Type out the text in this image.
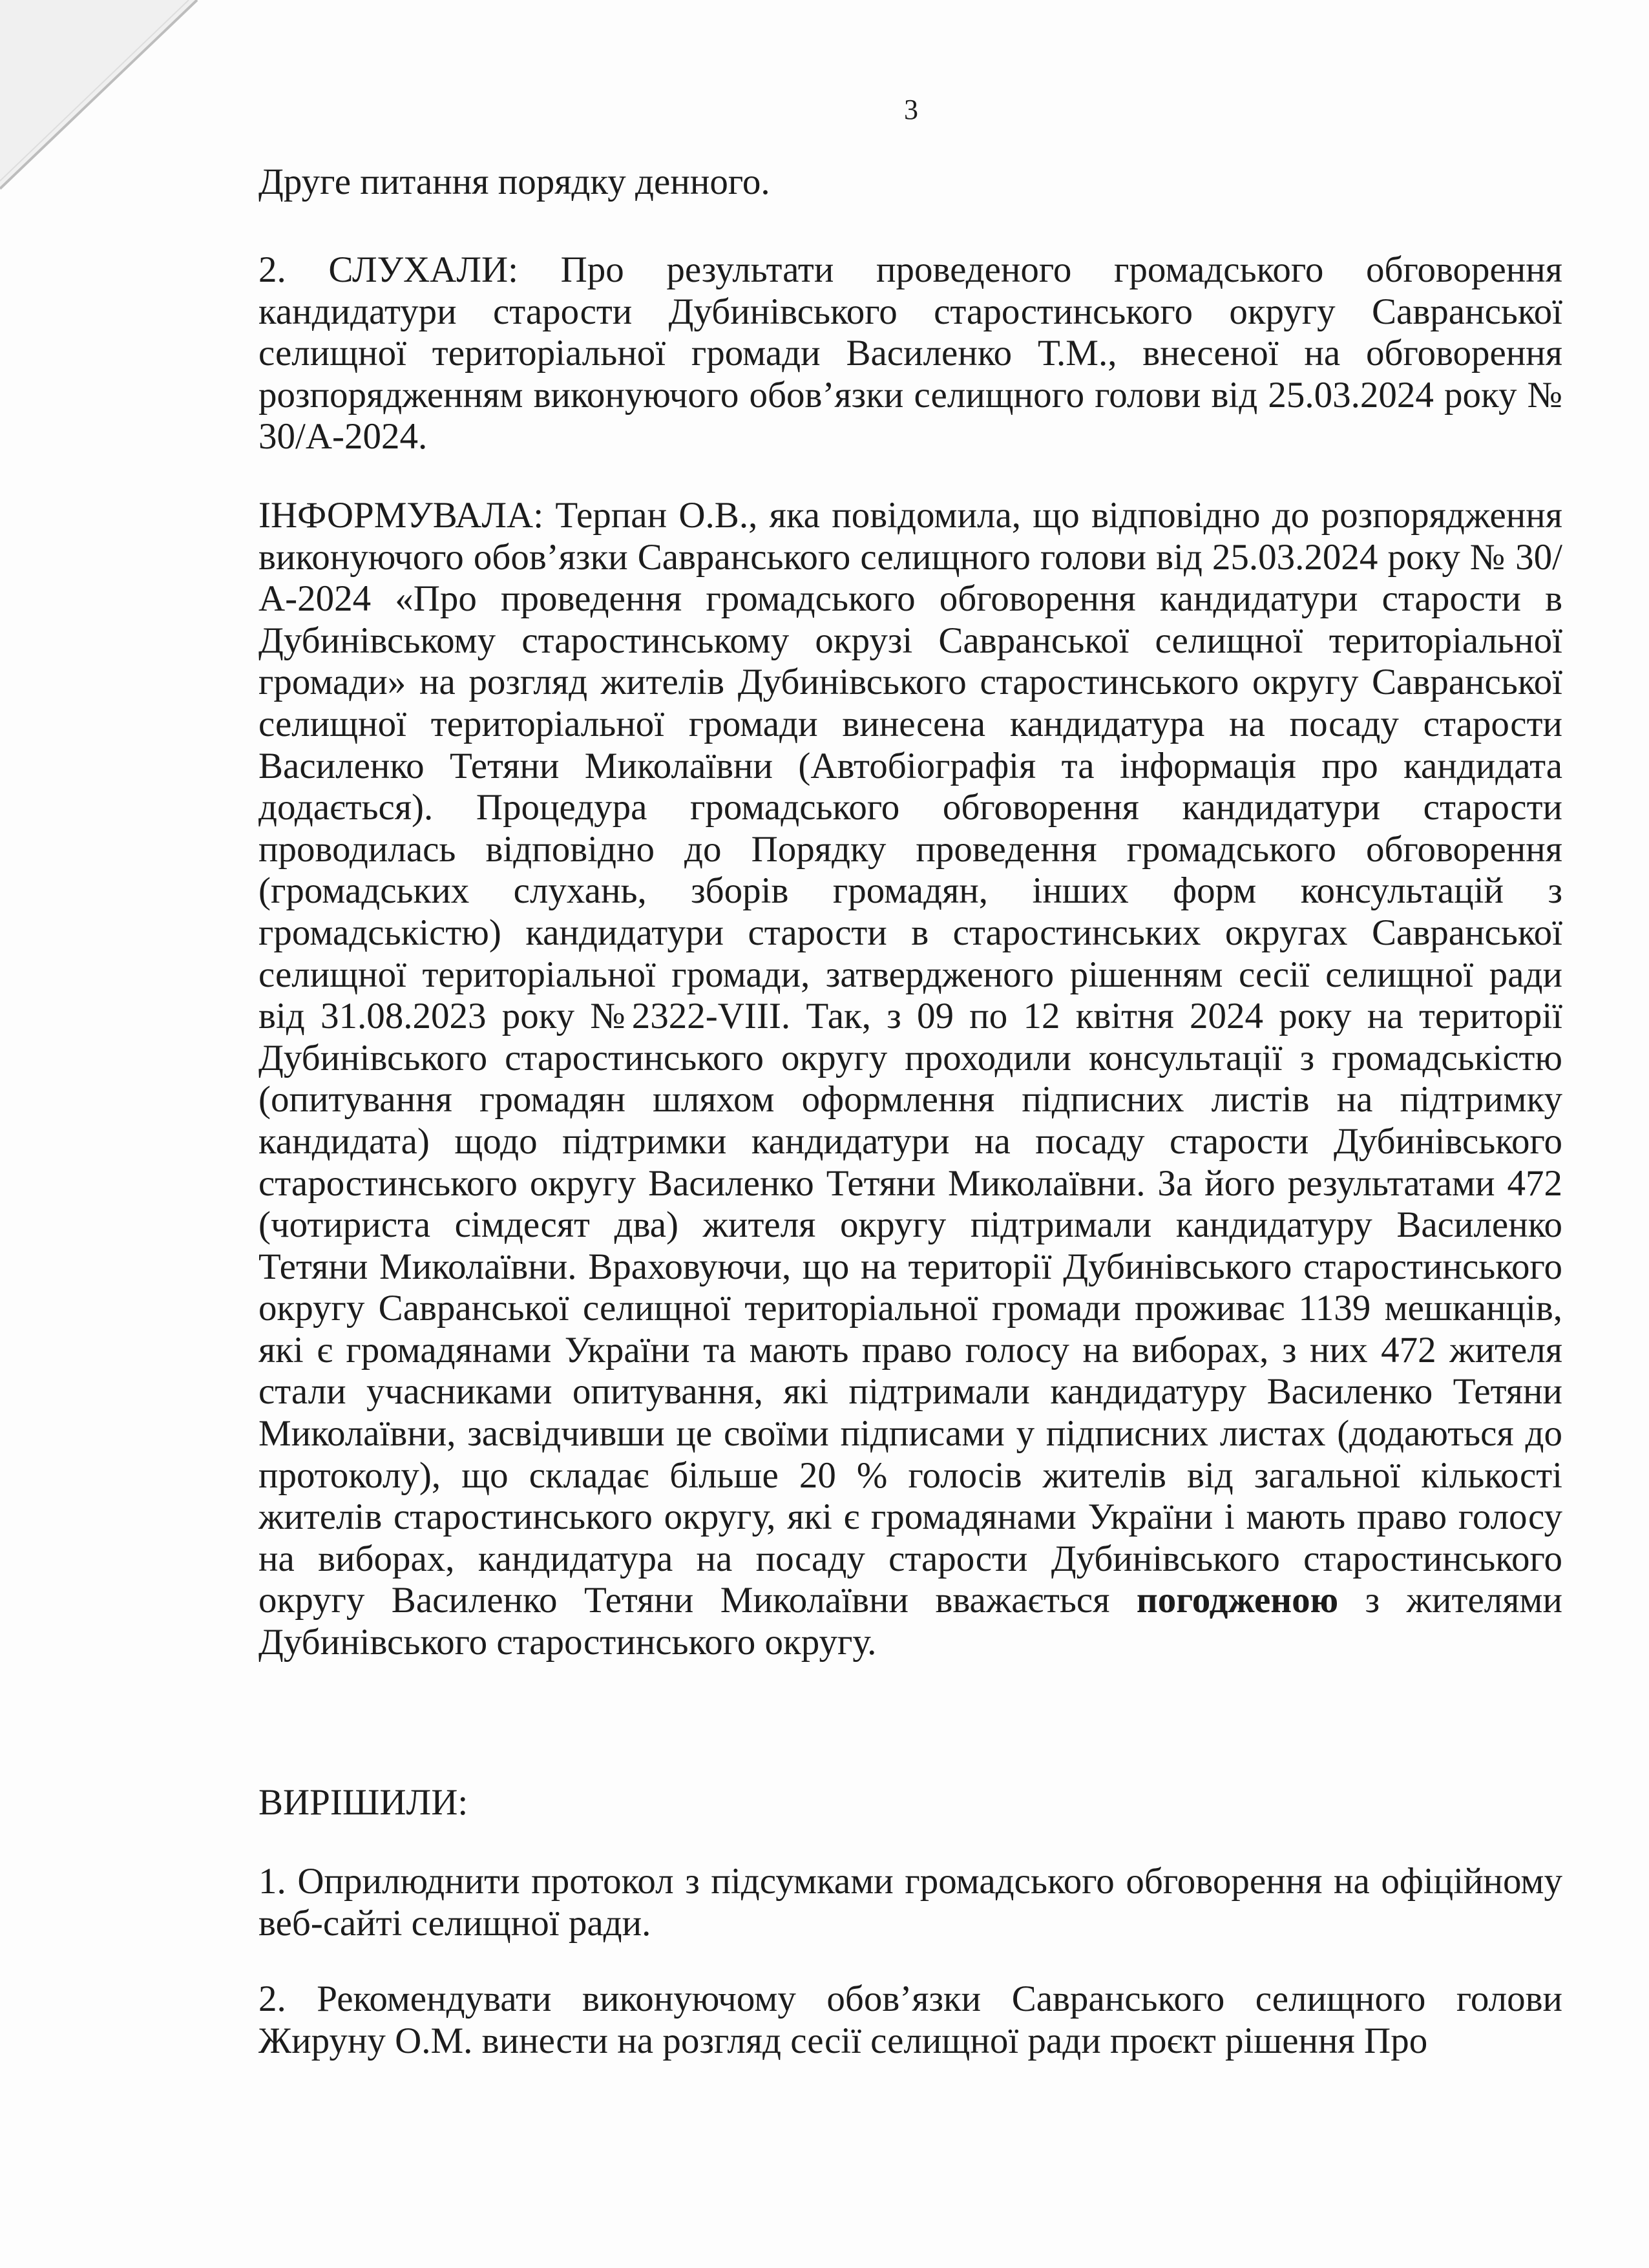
3
Друге питання порядку денного.
2. СЛУХАЛИ: Про результати проведеного громадського обговорення кандидатури старости Дубинівського старостинського округу Савранської селищної територіальної громади Василенко Т.М., внесеної на обговорення розпорядженням виконуючого обов’язки селищного голови від 25.03.2024 року № 30/А-2024.
ІНФОРМУВАЛА: Терпан О.В., яка повідомила, що відповідно до розпорядження виконуючого обов’язки Савранського селищного голови від 25.03.2024 року № 30/А-2024 «Про проведення громадського обговорення кандидатури старости в Дубинівському старостинському окрузі Савранської селищної територіальної громади» на розгляд жителів Дубинівського старостинського округу Савранської селищної територіальної громади винесена кандидатура на посаду старости Василенко Тетяни Миколаївни (Автобіографія та інформація про кандидата додається). Процедура громадського обговорення кандидатури старости проводилась відповідно до Порядку проведення громадського обговорення (громадських слухань, зборів громадян, інших форм консультацій з громадськістю) кандидатури старости в старостинських округах Савранської селищної територіальної громади, затвердженого рішенням сесії селищної ради від 31.08.2023 року №2322-VIII. Так, з 09 по 12 квітня 2024 року на території Дубинівського старостинського округу проходили консультації з громадськістю (опитування громадян шляхом оформлення підписних листів на підтримку кандидата) щодо підтримки кандидатури на посаду старости Дубинівського старостинського округу Василенко Тетяни Миколаївни. За його результатами 472 (чотириста сімдесят два) жителя округу підтримали кандидатуру Василенко Тетяни Миколаївни. Враховуючи, що на території Дубинівського старостинського округу Савранської селищної територіальної громади проживає 1139 мешканців, які є громадянами України та мають право голосу на виборах, з них 472 жителя стали учасниками опитування, які підтримали кандидатуру Василенко Тетяни Миколаївни, засвідчивши це своїми підписами у підписних листах (додаються до протоколу), що складає більше 20 % голосів жителів від загальної кількості жителів старостинського округу, які є громадянами України і мають право голосу на виборах, кандидатура на посаду старости Дубинівського старостинського округу Василенко Тетяни Миколаївни вважається погодженою з жителями Дубинівського старостинського округу.
ВИРІШИЛИ:
1. Оприлюднити протокол з підсумками громадського обговорення на офіційному веб-сайті селищної ради.
2. Рекомендувати виконуючому обов’язки Савранського селищного голови Жируну О.М. винести на розгляд сесії селищної ради проєкт рішення Про
